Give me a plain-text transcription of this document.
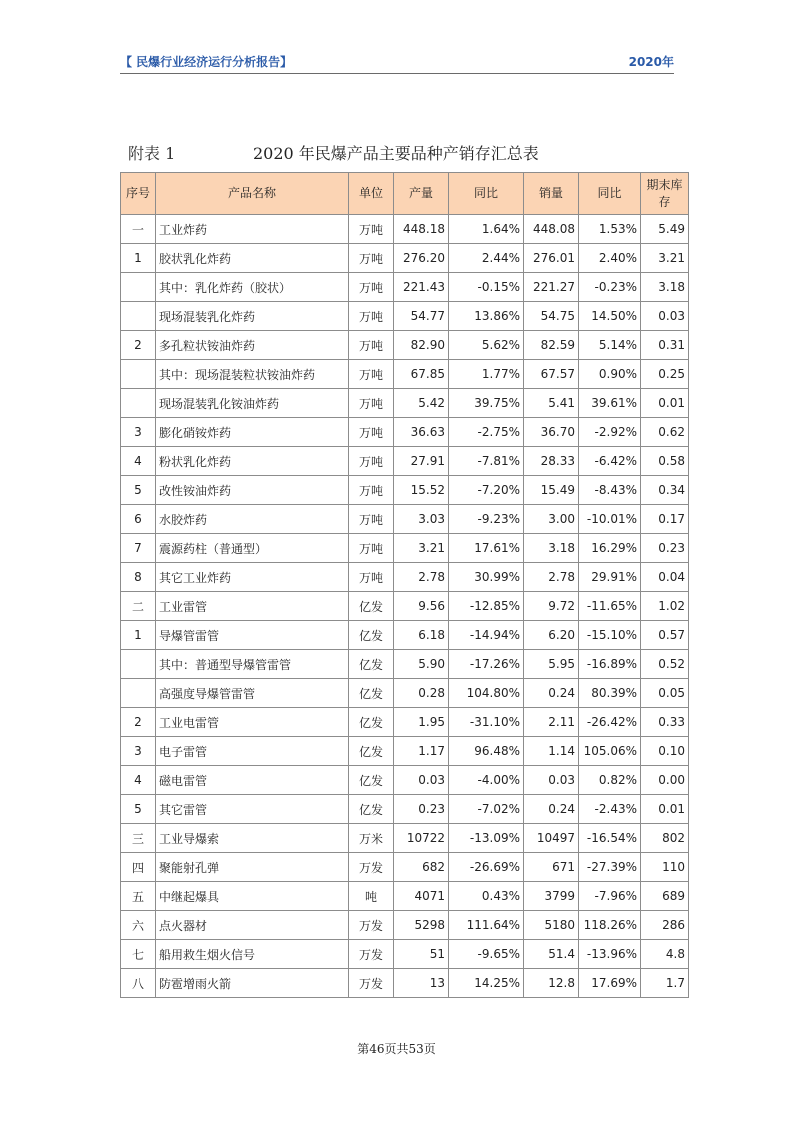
【 民爆行业经济运行分析报告】	2020年
附表 1	2020 年民爆产品主要品种产销存汇总表
序号	产品名称	单位	产量	同比	销量	同比	期末库存
一	工业炸药	万吨	448.18	1.64%	448.08	1.53%	5.49
1	胶状乳化炸药	万吨	276.20	2.44%	276.01	2.40%	3.21
	其中：乳化炸药（胶状）	万吨	221.43	-0.15%	221.27	-0.23%	3.18
	现场混装乳化炸药	万吨	54.77	13.86%	54.75	14.50%	0.03
2	多孔粒状铵油炸药	万吨	82.90	5.62%	82.59	5.14%	0.31
	其中：现场混装粒状铵油炸药	万吨	67.85	1.77%	67.57	0.90%	0.25
	现场混装乳化铵油炸药	万吨	5.42	39.75%	5.41	39.61%	0.01
3	膨化硝铵炸药	万吨	36.63	-2.75%	36.70	-2.92%	0.62
4	粉状乳化炸药	万吨	27.91	-7.81%	28.33	-6.42%	0.58
5	改性铵油炸药	万吨	15.52	-7.20%	15.49	-8.43%	0.34
6	水胶炸药	万吨	3.03	-9.23%	3.00	-10.01%	0.17
7	震源药柱（普通型）	万吨	3.21	17.61%	3.18	16.29%	0.23
8	其它工业炸药	万吨	2.78	30.99%	2.78	29.91%	0.04
二	工业雷管	亿发	9.56	-12.85%	9.72	-11.65%	1.02
1	导爆管雷管	亿发	6.18	-14.94%	6.20	-15.10%	0.57
	其中：普通型导爆管雷管	亿发	5.90	-17.26%	5.95	-16.89%	0.52
	高强度导爆管雷管	亿发	0.28	104.80%	0.24	80.39%	0.05
2	工业电雷管	亿发	1.95	-31.10%	2.11	-26.42%	0.33
3	电子雷管	亿发	1.17	96.48%	1.14	105.06%	0.10
4	磁电雷管	亿发	0.03	-4.00%	0.03	0.82%	0.00
5	其它雷管	亿发	0.23	-7.02%	0.24	-2.43%	0.01
三	工业导爆索	万米	10722	-13.09%	10497	-16.54%	802
四	聚能射孔弹	万发	682	-26.69%	671	-27.39%	110
五	中继起爆具	吨	4071	0.43%	3799	-7.96%	689
六	点火器材	万发	5298	111.64%	5180	118.26%	286
七	船用救生烟火信号	万发	51	-9.65%	51.4	-13.96%	4.8
八	防雹增雨火箭	万发	13	14.25%	12.8	17.69%	1.7
第46页共53页
